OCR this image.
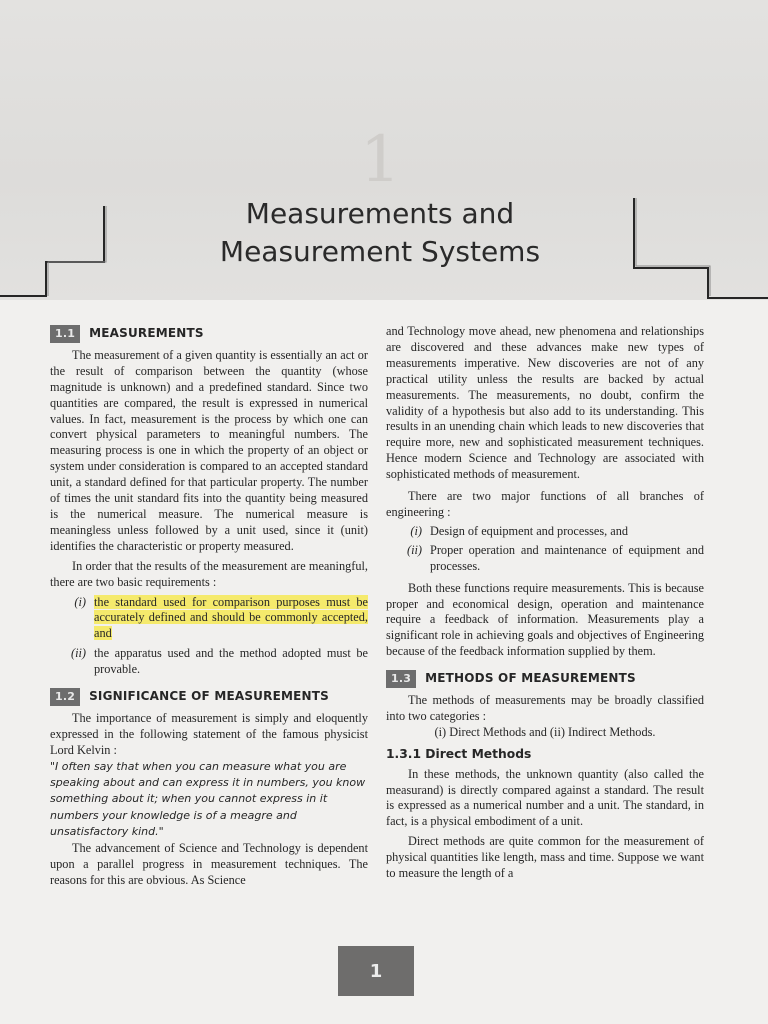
1
Measurements and
Measurement Systems
1.1	MEASUREMENTS

The measurement of a given quantity is essentially an act or the result of comparison between the quantity (whose magnitude is unknown) and a predefined standard. Since two quantities are compared, the result is expressed in numerical values. In fact, measurement is the process by which one can convert physical parameters to meaningful numbers. The measuring process is one in which the property of an object or system under consideration is compared to an accepted standard unit, a standard defined for that particular property. The number of times the unit standard fits into the quantity being measured is the numerical measure. The numerical measure is meaningless unless followed by a unit used, since it (unit) identifies the characteristic or property measured.

In order that the results of the measurement are meaningful, there are two basic requirements :

(i) the standard used for comparison purposes must be accurately defined and should be commonly accepted, and
(ii) the apparatus used and the method adopted must be provable.
1.2	SIGNIFICANCE OF MEASUREMENTS

The importance of measurement is simply and eloquently expressed in the following statement of the famous physicist Lord Kelvin :

"I often say that when you can measure what you are speaking about and can express it in numbers, you know something about it; when you cannot express in it numbers your knowledge is of a meagre and unsatisfactory kind."

The advancement of Science and Technology is dependent upon a parallel progress in measurement techniques. The reasons for this are obvious. As Science

and Technology move ahead, new phenomena and relationships are discovered and these advances make new types of measurements imperative. New discoveries are not of any practical utility unless the results are backed by actual measurements. The measurements, no doubt, confirm the validity of a hypothesis but also add to its understanding. This results in an unending chain which leads to new discoveries that require more, new and sophisticated measurement techniques. Hence modern Science and Technology are associated with sophisticated methods of measurement.

There are two major functions of all branches of engineering :

(i) Design of equipment and processes, and
(ii) Proper operation and maintenance of equipment and processes.

Both these functions require measurements. This is because proper and economical design, operation and maintenance require a feedback of information. Measurements play a significant role in achieving goals and objectives of Engineering because of the feedback information supplied by them.

1.3	METHODS OF MEASUREMENTS

The methods of measurements may be broadly classified into two categories :

(i) Direct Methods and (ii) Indirect Methods.

1.3.1 Direct Methods

In these methods, the unknown quantity (also called the measurand) is directly compared against a standard. The result is expressed as a numerical number and a unit. The standard, in fact, is a physical embodiment of a unit.

Direct methods are quite common for the measurement of physical quantities like length, mass and time. Suppose we want to measure the length of a

1
